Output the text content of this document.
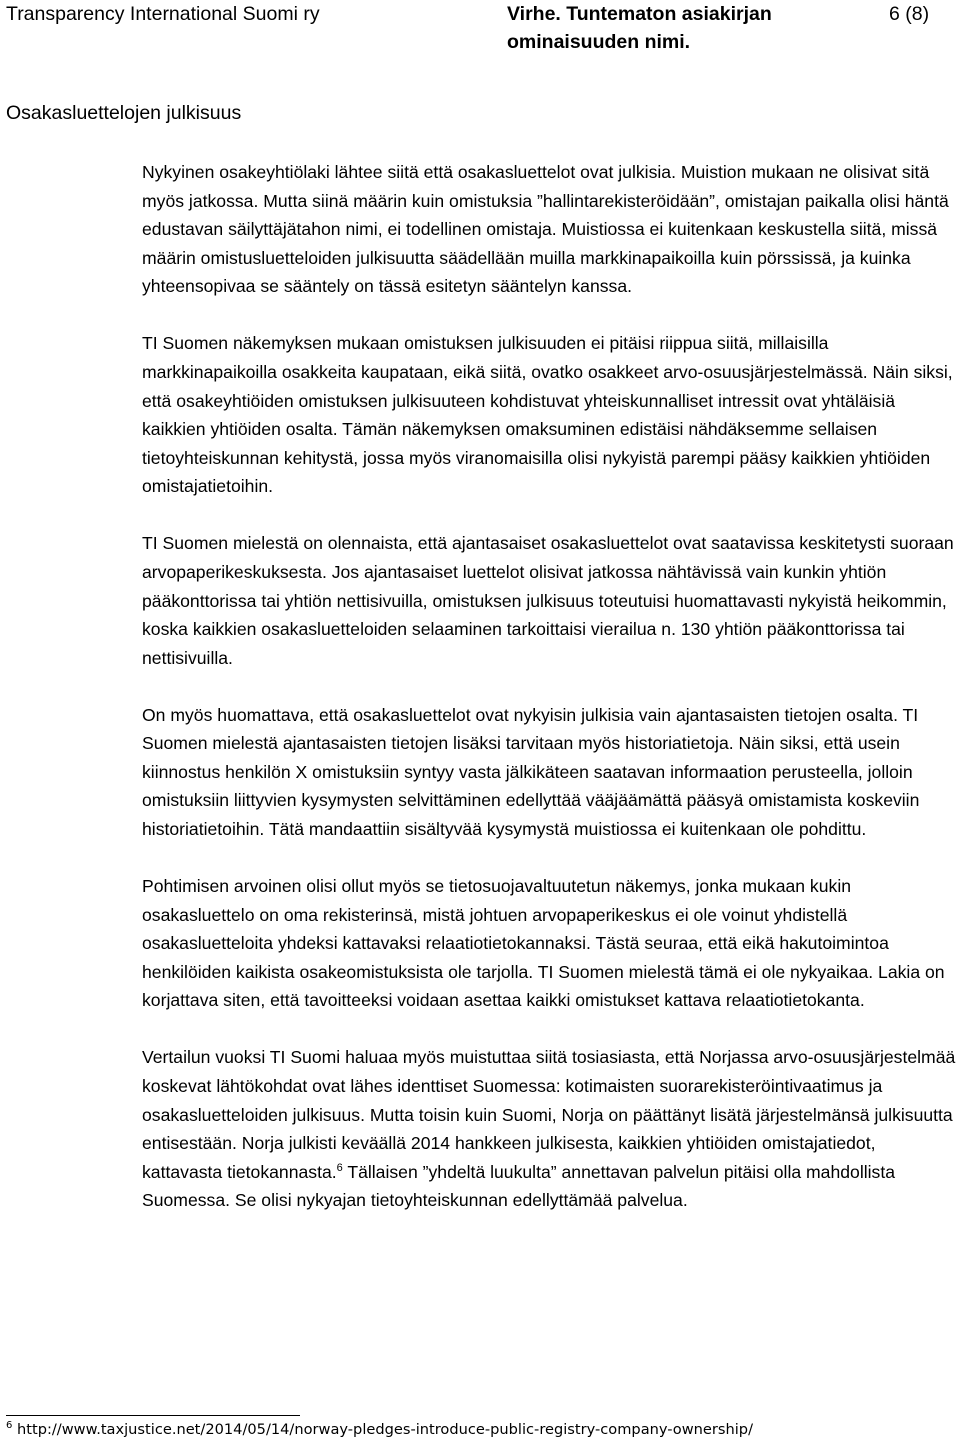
Transparency International Suomi ry	Virhe. Tuntematon asiakirjan ominaisuuden nimi.
6 (8)
Osakasluettelojen julkisuus

Nykyinen osakeyhtiölaki lähtee siitä että osakasluettelot ovat julkisia. Muistion mukaan ne olisivat sitä myös jatkossa. Mutta siinä määrin kuin omistuksia ”hallintarekisteröidään”, omistajan paikalla olisi häntä edustavan säilyttäjätahon nimi, ei todellinen omistaja. Muistiossa ei kuitenkaan keskustella siitä, missä määrin omistusluetteloiden julkisuutta säädellään muilla markkinapaikoilla kuin pörssissä, ja kuinka yhteensopivaa se sääntely on tässä esitetyn sääntelyn kanssa.

TI Suomen näkemyksen mukaan omistuksen julkisuuden ei pitäisi riippua siitä, millaisilla markkinapaikoilla osakkeita kaupataan, eikä siitä, ovatko osakkeet arvo-osuusjärjestelmässä. Näin siksi, että osakeyhtiöiden omistuksen julkisuuteen kohdistuvat yhteiskunnalliset intressit ovat yhtäläisiä kaikkien yhtiöiden osalta. Tämän näkemyksen omaksuminen edistäisi nähdäksemme sellaisen tietoyhteiskunnan kehitystä, jossa myös viranomaisilla olisi nykyistä parempi pääsy kaikkien yhtiöiden omistajatietoihin.

TI Suomen mielestä on olennaista, että ajantasaiset osakasluettelot ovat saatavissa keskitetysti suoraan arvopaperikeskuksesta. Jos ajantasaiset luettelot olisivat jatkossa nähtävissä vain kunkin yhtiön pääkonttorissa tai yhtiön nettisivuilla, omistuksen julkisuus toteutuisi huomattavasti nykyistä heikommin, koska kaikkien osakasluetteloiden selaaminen tarkoittaisi vierailua n. 130 yhtiön pääkonttorissa tai nettisivuilla.

On myös huomattava, että osakasluettelot ovat nykyisin julkisia vain ajantasaisten tietojen osalta. TI Suomen mielestä ajantasaisten tietojen lisäksi tarvitaan myös historiatietoja. Näin siksi, että usein kiinnostus henkilön X omistuksiin syntyy vasta jälkikäteen saatavan informaation perusteella, jolloin omistuksiin liittyvien kysymysten selvittäminen edellyttää vääjäämättä pääsyä omistamista koskeviin historiatietoihin. Tätä mandaattiin sisältyvää kysymystä muistiossa ei kuitenkaan ole pohdittu.

Pohtimisen arvoinen olisi ollut myös se tietosuojavaltuutetun näkemys, jonka mukaan kukin osakasluettelo on oma rekisterinsä, mistä johtuen arvopaperikeskus ei ole voinut yhdistellä osakasluetteloita yhdeksi kattavaksi relaatiotietokannaksi. Tästä seuraa, että eikä hakutoimintoa henkilöiden kaikista osakeomistuksista ole tarjolla. TI Suomen mielestä tämä ei ole nykyaikaa. Lakia on korjattava siten, että tavoitteeksi voidaan asettaa kaikki omistukset kattava relaatiotietokanta.

Vertailun vuoksi TI Suomi haluaa myös muistuttaa siitä tosiasiasta, että Norjassa arvo-osuusjärjestelmää koskevat lähtökohdat ovat lähes identtiset Suomessa: kotimaisten suorarekisteröintivaatimus ja osakasluetteloiden julkisuus. Mutta toisin kuin Suomi, Norja on päättänyt lisätä järjestelmänsä julkisuutta entisestään. Norja julkisti keväällä 2014 hankkeen julkisesta, kaikkien yhtiöiden omistajatiedot, kattavasta tietokannasta.$^6$ Tällaisen ”yhdeltä luukulta” annettavan palvelun pitäisi olla mahdollista Suomessa. Se olisi nykyajan tietoyhteiskunnan edellyttämää palvelua.

$^6$ http://www.taxjustice.net/2014/05/14/norway-pledges-introduce-public-registry-company-ownership/
